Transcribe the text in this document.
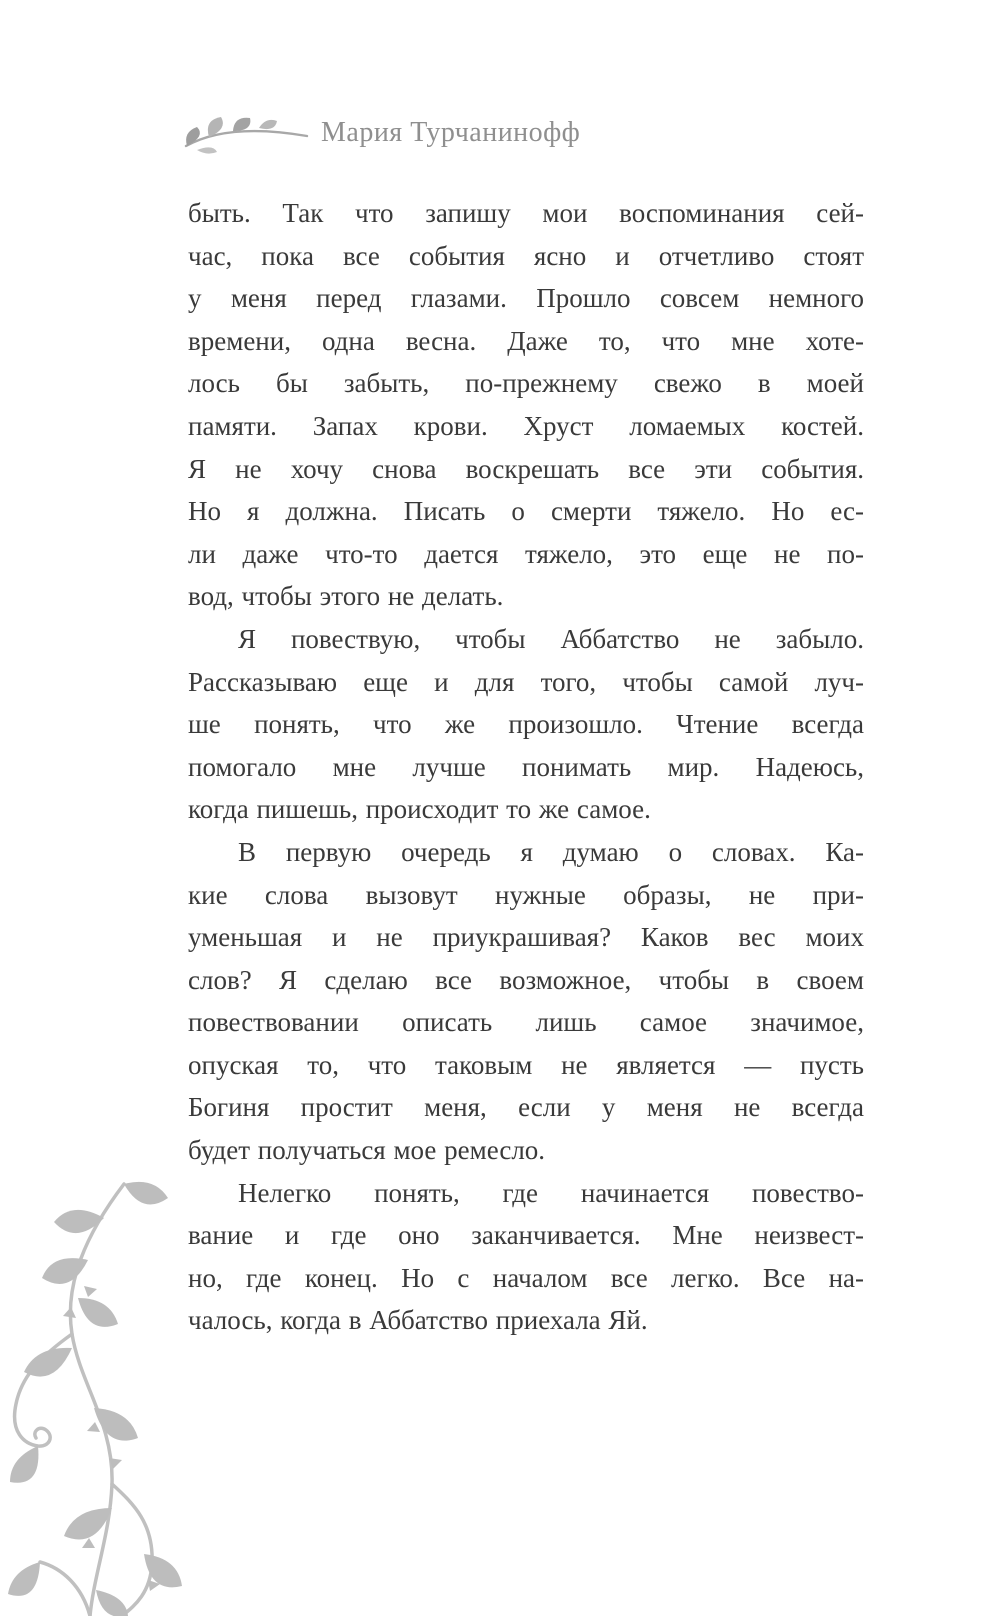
Мария Турчанинофф
быть. Так что запишу мои воспоминания сей-
час, пока все события ясно и отчетливо стоят
у меня перед глазами. Прошло совсем немного
времени, одна весна. Даже то, что мне хоте-
лось бы забыть, по-прежнему свежо в моей
памяти. Запах крови. Хруст ломаемых костей.
Я не хочу снова воскрешать все эти события.
Но я должна. Писать о смерти тяжело. Но ес-
ли даже что-то дается тяжело, это еще не по-
вод, чтобы этого не делать.
Я повествую, чтобы Аббатство не забыло.
Рассказываю еще и для того, чтобы самой луч-
ше понять, что же произошло. Чтение всегда
помогало мне лучше понимать мир. Надеюсь,
когда пишешь, происходит то же самое.
В первую очередь я думаю о словах. Ка-
кие слова вызовут нужные образы, не при-
уменьшая и не приукрашивая? Каков вес моих
слов? Я сделаю все возможное, чтобы в своем
повествовании описать лишь самое значимое,
опуская то, что таковым не является — пусть
Богиня простит меня, если у меня не всегда
будет получаться мое ремесло.
Нелегко понять, где начинается повество-
вание и где оно заканчивается. Мне неизвест-
но, где конец. Но с началом все легко. Все на-
чалось, когда в Аббатство приехала Яй.
